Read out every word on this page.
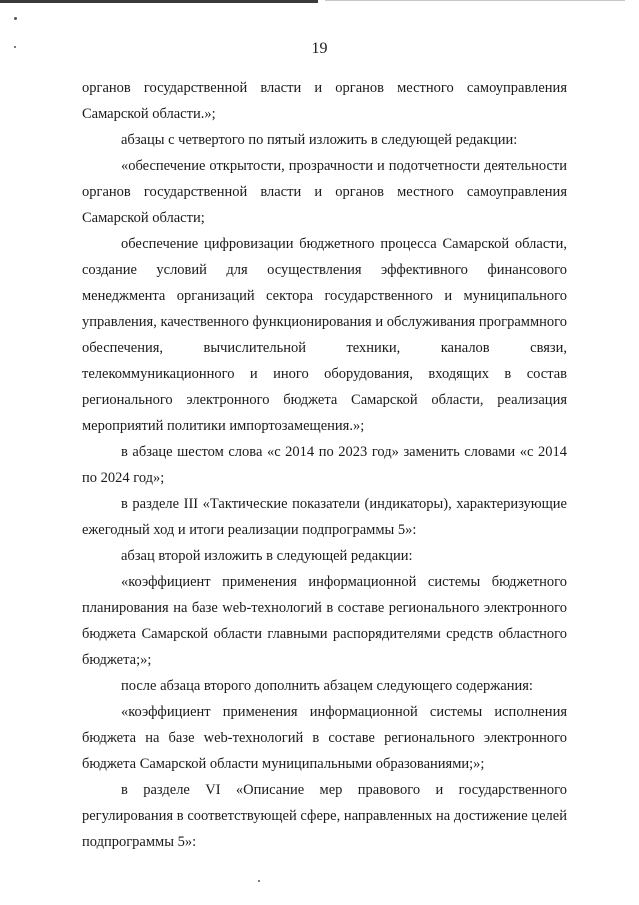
19

органов государственной власти и органов местного самоуправления Самарской области.»;

абзацы с четвертого по пятый изложить в следующей редакции:

«обеспечение открытости, прозрачности и подотчетности деятельности органов государственной власти и органов местного самоуправления Самарской области;

обеспечение цифровизации бюджетного процесса Самарской области, создание условий для осуществления эффективного финансового менеджмента организаций сектора государственного и муниципального управления, качественного функционирования и обслуживания программного обеспечения, вычислительной техники, каналов связи, телекоммуникационного и иного оборудования, входящих в состав регионального электронного бюджета Самарской области, реализация мероприятий политики импортозамещения.»;

в абзаце шестом слова «с 2014 по 2023 год» заменить словами «с 2014 по 2024 год»;

в разделе III «Тактические показатели (индикаторы), характеризующие ежегодный ход и итоги реализации подпрограммы 5»:

абзац второй изложить в следующей редакции:

«коэффициент применения информационной системы бюджетного планирования на базе web-технологий в составе регионального электронного бюджета Самарской области главными распорядителями средств областного бюджета;»;

после абзаца второго дополнить абзацем следующего содержания:

«коэффициент применения информационной системы исполнения бюджета на базе web-технологий в составе регионального электронного бюджета Самарской области муниципальными образованиями;»;

в разделе VI «Описание мер правового и государственного регулирования в соответствующей сфере, направленных на достижение целей подпрограммы 5»:
